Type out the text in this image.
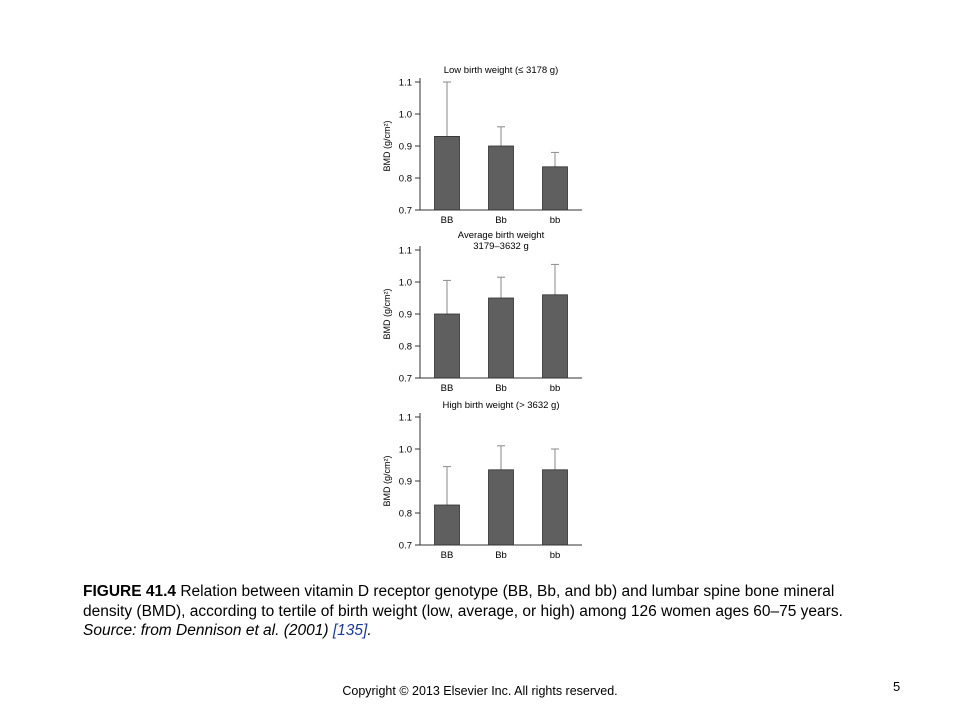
Low birth weight (≤ 3178 g)
BMD (g/cm²)
0.7
0.8
0.9
1.0
1.1
BB	Bb	bb
Average birth weight
3179–3632 g
BMD (g/cm²)
0.7
0.8
0.9
1.0
1.1
BB	Bb	bb
High birth weight (> 3632 g)
BMD (g/cm²)
0.7
0.8
0.9
1.0
1.1
BB	Bb	bb
FIGURE 41.4 Relation between vitamin D receptor genotype (BB, Bb, and bb) and lumbar spine bone mineral density (BMD), according to tertile of birth weight (low, average, or high) among 126 women ages 60–75 years.
Source: from Dennison et al. (2001) [135].
Copyright © 2013 Elsevier Inc. All rights reserved.	5
